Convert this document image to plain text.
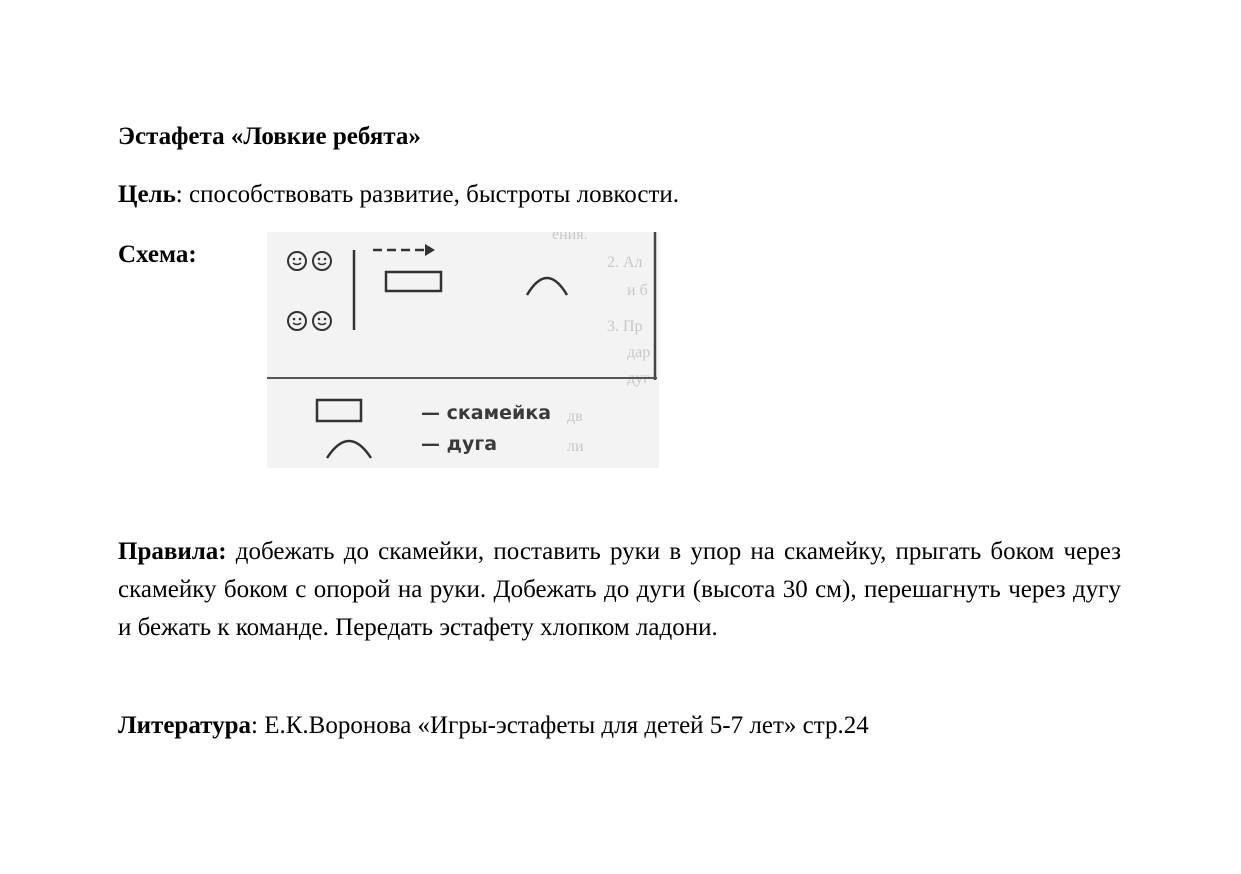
Эстафета «Ловкие ребята»
Цель: способствовать развитие, быстроты ловкости.
Схема:
ения.
2. Ал
и б
3. Пр
дар
дуг
дв
ли
— скамейка
— дуга
Правила: добежать до скамейки, поставить руки в упор на скамейку, прыгать боком через скамейку боком с опорой на руки. Добежать до дуги (высота 30 см), перешагнуть через дугу и бежать к команде. Передать эстафету хлопком ладони.
Литература: Е.К.Воронова «Игры-эстафеты для детей 5-7 лет» стр.24
